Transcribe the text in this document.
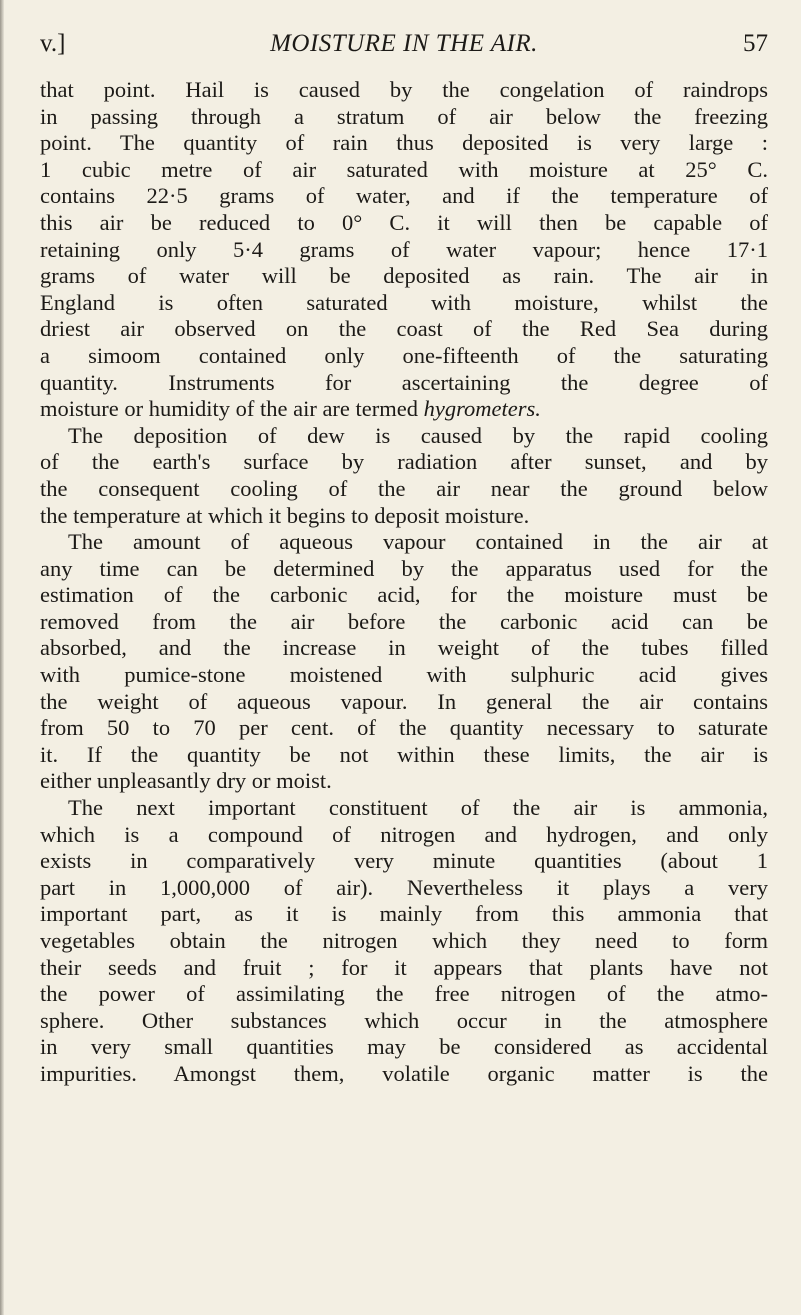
v.]	MOISTURE IN THE AIR.	57
that point. Hail is caused by the congelation of raindrops
in passing through a stratum of air below the freezing
point. The quantity of rain thus deposited is very large :
1 cubic metre of air saturated with moisture at 25° C.
contains 22·5 grams of water, and if the temperature of
this air be reduced to 0° C. it will then be capable of
retaining only 5·4 grams of water vapour; hence 17·1
grams of water will be deposited as rain. The air in
England is often saturated with moisture, whilst the
driest air observed on the coast of the Red Sea during
a simoom contained only one-fifteenth of the saturating
quantity. Instruments for ascertaining the degree of
moisture or humidity of the air are termed hygrometers.
The deposition of dew is caused by the rapid cooling
of the earth's surface by radiation after sunset, and by
the consequent cooling of the air near the ground below
the temperature at which it begins to deposit moisture.
The amount of aqueous vapour contained in the air at
any time can be determined by the apparatus used for the
estimation of the carbonic acid, for the moisture must be
removed from the air before the carbonic acid can be
absorbed, and the increase in weight of the tubes filled
with pumice-stone moistened with sulphuric acid gives
the weight of aqueous vapour. In general the air contains
from 50 to 70 per cent. of the quantity necessary to saturate
it. If the quantity be not within these limits, the air is
either unpleasantly dry or moist.
The next important constituent of the air is ammonia,
which is a compound of nitrogen and hydrogen, and only
exists in comparatively very minute quantities (about 1
part in 1,000,000 of air). Nevertheless it plays a very
important part, as it is mainly from this ammonia that
vegetables obtain the nitrogen which they need to form
their seeds and fruit ; for it appears that plants have not
the power of assimilating the free nitrogen of the atmo-
sphere. Other substances which occur in the atmosphere
in very small quantities may be considered as accidental
impurities. Amongst them, volatile organic matter is the
